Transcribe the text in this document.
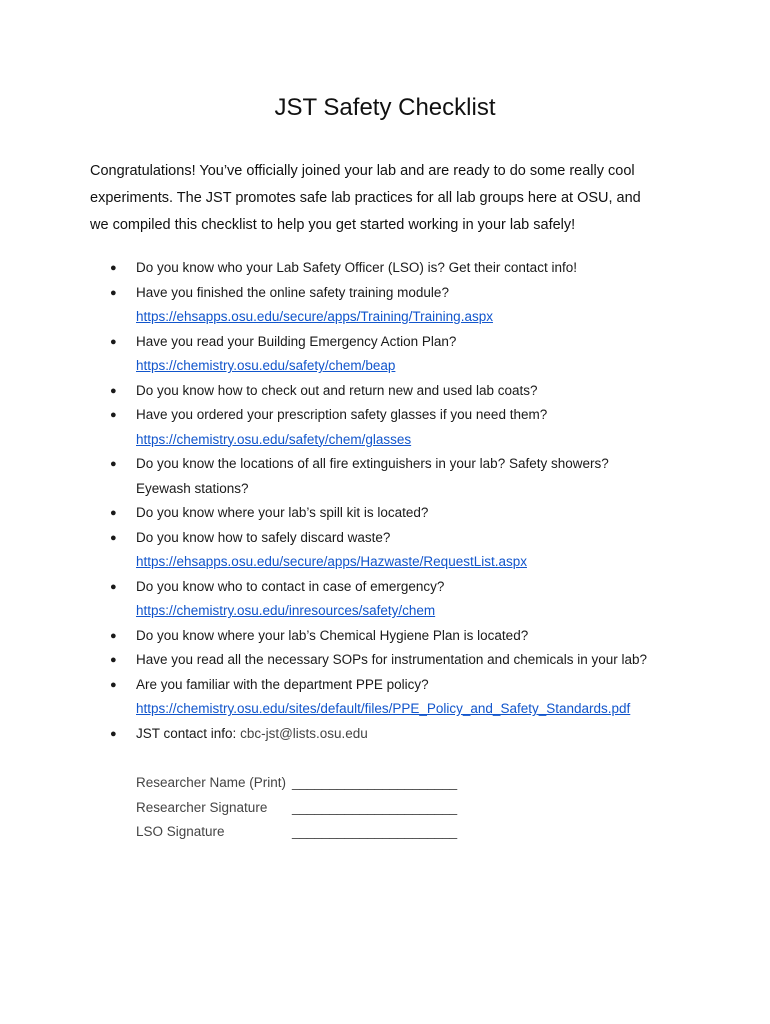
JST Safety Checklist

Congratulations! You’ve officially joined your lab and are ready to do some really cool

experiments. The JST promotes safe lab practices for all lab groups here at OSU, and

we compiled this checklist to help you get started working in your lab safely!

●	Do you know who your Lab Safety Officer (LSO) is? Get their contact info!
●	Have you finished the online safety training module?
https://ehsapps.osu.edu/secure/apps/Training/Training.aspx
●	Have you read your Building Emergency Action Plan?
https://chemistry.osu.edu/safety/chem/beap
●	Do you know how to check out and return new and used lab coats?
●	Have you ordered your prescription safety glasses if you need them?
https://chemistry.osu.edu/safety/chem/glasses
●	Do you know the locations of all fire extinguishers in your lab? Safety showers?
Eyewash stations?
●	Do you know where your lab’s spill kit is located?
●	Do you know how to safely discard waste?
https://ehsapps.osu.edu/secure/apps/Hazwaste/RequestList.aspx
●	Do you know who to contact in case of emergency?
https://chemistry.osu.edu/inresources/safety/chem
●	Do you know where your lab’s Chemical Hygiene Plan is located?
●	Have you read all the necessary SOPs for instrumentation and chemicals in your lab?
●	Are you familiar with the department PPE policy?
https://chemistry.osu.edu/sites/default/files/PPE_Policy_and_Safety_Standards.pdf
●	JST contact info: cbc-jst@lists.osu.edu
Researcher Name (Print) ______________________
Researcher Signature	______________________
LSO Signature	______________________
